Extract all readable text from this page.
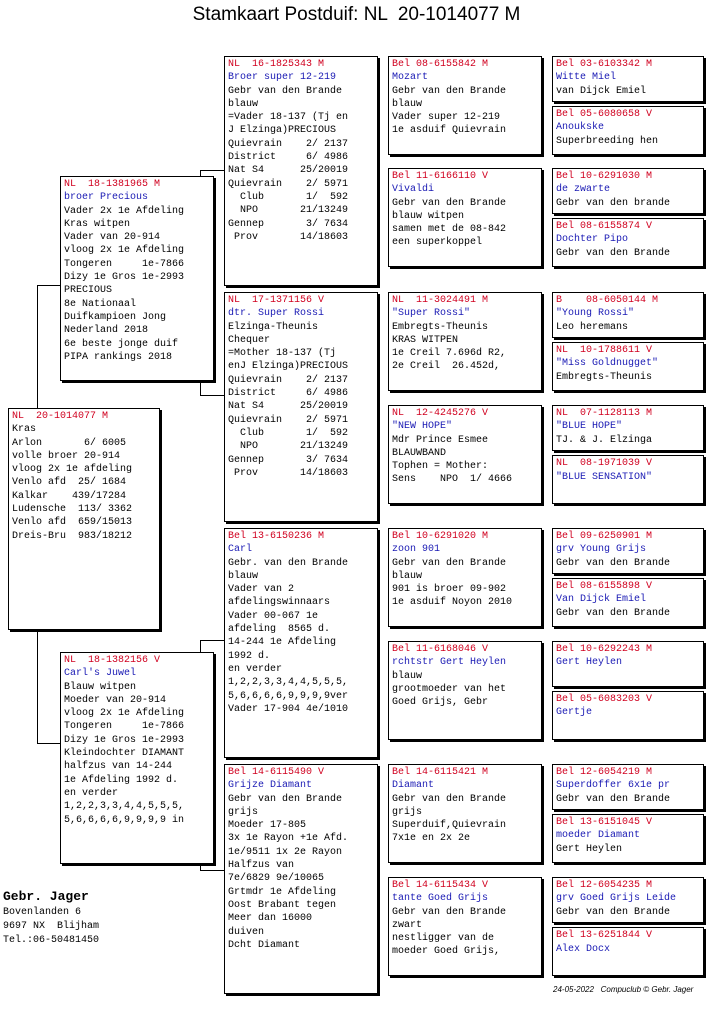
Stamkaart Postduif: NL  20-1014077 M
NL  20-1014077 M
Kras
Arlon       6/ 6005
volle broer 20-914
vloog 2x 1e afdeling
Venlo afd  25/ 1684
Kalkar    439/17284
Ludensche  113/ 3362
Venlo afd  659/15013
Dreis-Bru  983/18212
NL  18-1381965 M
broer Precious
Vader 2x 1e Afdeling
Kras witpen
Vader van 20-914
vloog 2x 1e Afdeling
Tongeren     1e-7866
Dizy 1e Gros 1e-2993
PRECIOUS
8e Nationaal
Duifkampioen Jong
Nederland 2018
6e beste jonge duif
PIPA rankings 2018
NL  18-1382156 V
Carl's Juwel
Blauw witpen
Moeder van 20-914
vloog 2x 1e Afdeling
Tongeren     1e-7866
Dizy 1e Gros 1e-2993
Kleindochter DIAMANT
halfzus van 14-244
1e Afdeling 1992 d.
en verder
1,2,2,3,3,4,4,5,5,5,
5,6,6,6,6,9,9,9,9 in
NL  16-1825343 M
Broer super 12-219
Gebr van den Brande
blauw
=Vader 18-137 (Tj en
J Elzinga)PRECIOUS
Quievrain    2/ 2137
District     6/ 4986
Nat S4      25/20019
Quievrain    2/ 5971
Club       1/  592
NPO       21/13249
Gennep       3/ 7634
Prov       14/18603
NL  17-1371156 V
dtr. Super Rossi
Elzinga-Theunis
Chequer
=Mother 18-137 (Tj
enJ Elzinga)PRECIOUS
Quievrain    2/ 2137
District     6/ 4986
Nat S4      25/20019
Quievrain    2/ 5971
Club       1/  592
NPO       21/13249
Gennep       3/ 7634
Prov       14/18603
Bel 13-6150236 M
Carl
Gebr. van den Brande
blauw
Vader van 2
afdelingswinnaars
Vader 00-067 1e
afdeling  8565 d.
14-244 1e Afdeling
1992 d.
en verder
1,2,2,3,3,4,4,5,5,5,
5,6,6,6,6,9,9,9,9ver
Vader 17-904 4e/1010
Bel 14-6115490 V
Grijze Diamant
Gebr van den Brande
grijs
Moeder 17-805
3x 1e Rayon +1e Afd.
1e/9511 1x 2e Rayon
Halfzus van
7e/6829 9e/10065
Grtmdr 1e Afdeling
Oost Brabant tegen
Meer dan 16000
duiven
Dcht Diamant
Bel 08-6155842 M
Mozart
Gebr van den Brande
blauw
Vader super 12-219
1e asduif Quievrain
Bel 11-6166110 V
Vivaldi
Gebr van den Brande
blauw witpen
samen met de 08-842
een superkoppel
NL  11-3024491 M
"Super Rossi"
Embregts-Theunis
KRAS WITPEN
1e Creil 7.696d R2,
2e Creil  26.452d,
NL  12-4245276 V
"NEW HOPE"
Mdr Prince Esmee
BLAUWBAND
Tophen = Mother:
Sens    NPO  1/ 4666
Bel 10-6291020 M
zoon 901
Gebr van den Brande
blauw
901 is broer 09-902
1e asduif Noyon 2010
Bel 11-6168046 V
rchtstr Gert Heylen
blauw
grootmoeder van het
Goed Grijs, Gebr
Bel 14-6115421 M
Diamant
Gebr van den Brande
grijs
Superduif,Quievrain
7x1e en 2x 2e
Bel 14-6115434 V
tante Goed Grijs
Gebr van den Brande
zwart
nestligger van de
moeder Goed Grijs,
Bel 03-6103342 M
Witte Miel
van Dijck Emiel
Bel 05-6080658 V
Anoukske
Superbreeding hen
Bel 10-6291030 M
de zwarte
Gebr van den brande
Bel 08-6155874 V
Dochter Pipo
Gebr van den Brande
B    08-6050144 M
"Young Rossi"
Leo heremans
NL  10-1788611 V
"Miss Goldnugget"
Embregts-Theunis
NL  07-1128113 M
"BLUE HOPE"
TJ. & J. Elzinga
NL  08-1971039 V

"BLUE SENSATION"
Bel 09-6250901 M
grv Young Grijs
Gebr van den Brande
Bel 08-6155898 V
Van Dijck Emiel
Gebr van den Brande
Bel 10-6292243 M
Gert Heylen
Bel 05-6083203 V
Gertje
Bel 12-6054219 M
Superdoffer 6x1e pr
Gebr van den Brande
Bel 13-6151045 V
moeder Diamant
Gert Heylen
Bel 12-6054235 M
grv Goed Grijs Leide
Gebr van den Brande
Bel 13-6251844 V

Alex Docx
Gebr. Jager
Bovenlanden 6
9697 NX  Blijham
Tel.:06-50481450
24-05-2022 Compuclub © Gebr. Jager
